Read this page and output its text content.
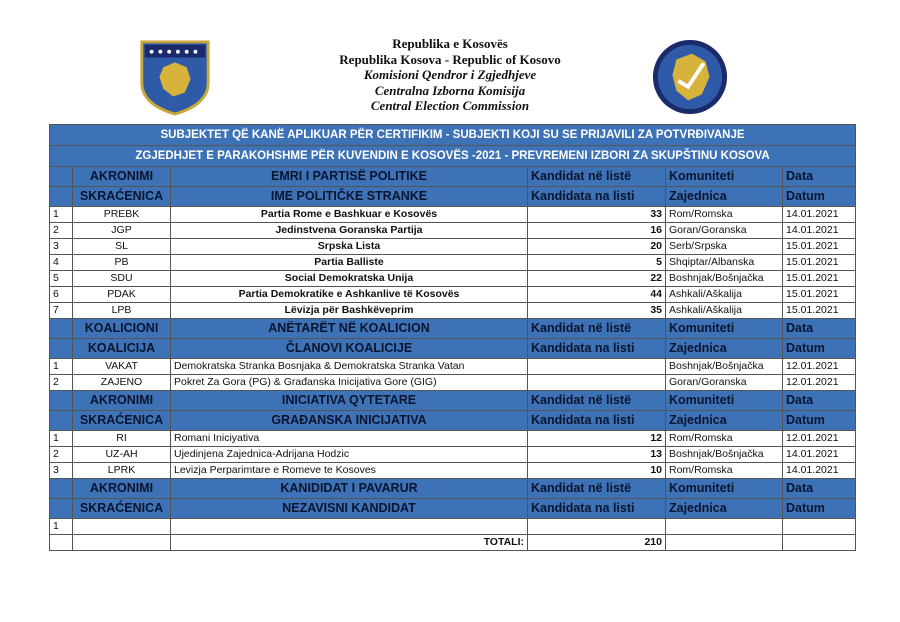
Republika e Kosovës
Republika Kosova - Republic of Kosovo
Komisioni Qendror i Zgjedhjeve
Centralna Izborna Komisija
Central Election Commission
SUBJEKTET QË KANË APLIKUAR PËR CERTIFIKIM - SUBJEKTI KOJI SU SE PRIJAVILI ZA POTVRĐIVANJE					
ZGJEDHJET E PARAKOHSHME PËR KUVENDIN E KOSOVËS -2021 - PREVREMENI IZBORI ZA SKUPŠTINU KOSOVA					
	AKRONIMI	EMRI I PARTISË POLITIKE	Kandidat në listë	Komuniteti	Data
	SKRAĆENICA	IME POLITIČKE STRANKE	Kandidata na listi	Zajednica	Datum
1	PREBK	Partia Rome e Bashkuar e Kosovës	33	Rom/Romska	14.01.2021
2	JGP	Jedinstvena Goranska Partija	16	Goran/Goranska	14.01.2021
3	SL	Srpska Lista	20	Serb/Srpska	15.01.2021
4	PB	Partia Balliste	5	Shqiptar/Albanska	15.01.2021
5	SDU	Social Demokratska Unija	22	Boshnjak/Bošnjačka	15.01.2021
6	PDAK	Partia Demokratike e Ashkanlive të Kosovës	44	Ashkali/Aškalija	15.01.2021
7	LPB	Lëvizja për Bashkëveprim	35	Ashkali/Aškalija	15.01.2021
	KOALICIONI	ANËTARËT NË KOALICION	Kandidat në listë	Komuniteti	Data
	KOALICIJA	ČLANOVI KOALICIJE	Kandidata na listi	Zajednica	Datum
1	VAKAT	Demokratska Stranka Bosnjaka & Demokratska Stranka Vatan		Boshnjak/Bošnjačka	12.01.2021
2	ZAJENO	Pokret Za Gora (PG) & Građanska Inicijativa Gore (GIG)		Goran/Goranska	12.01.2021
	AKRONIMI	INICIATIVA QYTETARE	Kandidat në listë	Komuniteti	Data
	SKRAĆENICA	GRAĐANSKA INICIJATIVA	Kandidata na listi	Zajednica	Datum
1	RI	Romani Iniciyativa	12	Rom/Romska	12.01.2021
2	UZ-AH	Ujedinjena Zajednica-Adrijana Hodzic	13	Boshnjak/Bošnjačka	14.01.2021
3	LPRK	Levizja Perparimtare e Romeve te Kosoves	10	Rom/Romska	14.01.2021
	AKRONIMI	KANIDIDAT I PAVARUR	Kandidat në listë	Komuniteti	Data
	SKRAĆENICA	NEZAVISNI KANDIDAT	Kandidata na listi	Zajednica	Datum
1					
		TOTALI:	210		
